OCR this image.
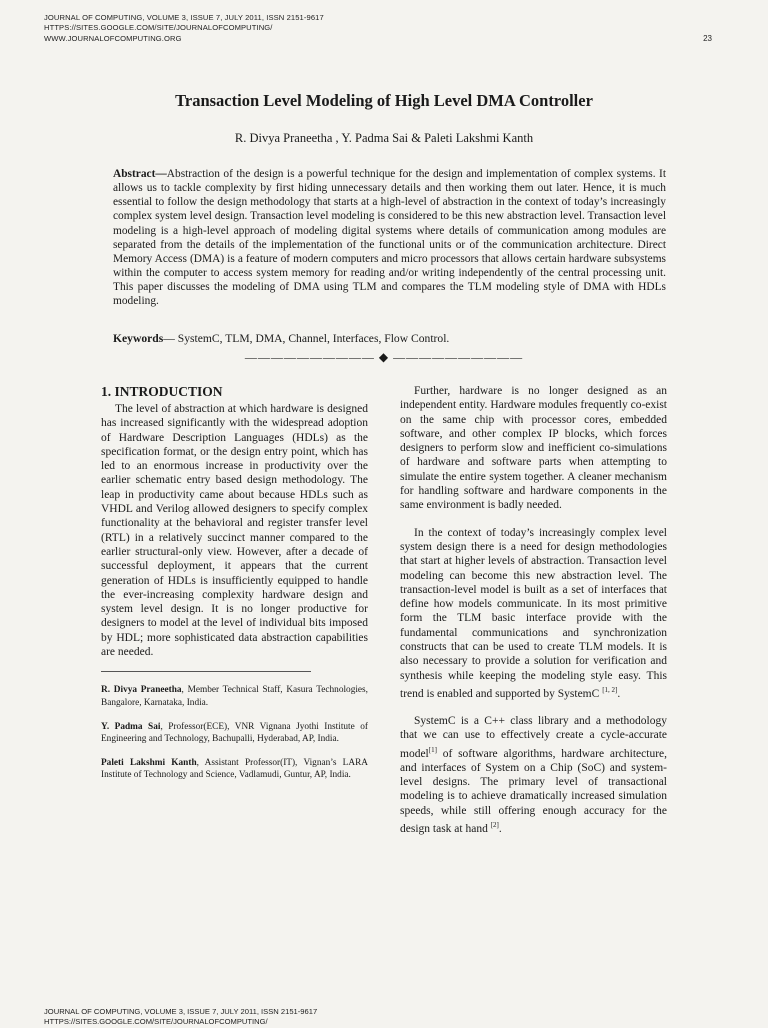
JOURNAL OF COMPUTING, VOLUME 3, ISSUE 7, JULY 2011, ISSN 2151-9617
HTTPS://SITES.GOOGLE.COM/SITE/JOURNALOFCOMPUTING/
WWW.JOURNALOFCOMPUTING.ORG	23
Transaction Level Modeling of High Level DMA Controller
R. Divya Praneetha , Y. Padma Sai & Paleti Lakshmi Kanth
Abstract—Abstraction of the design is a powerful technique for the design and implementation of complex systems. It allows us to tackle complexity by first hiding unnecessary details and then working them out later. Hence, it is much essential to follow the design methodology that starts at a high-level of abstraction in the context of today’s increasingly complex system level design. Transaction level modeling is considered to be this new abstraction level. Transaction level modeling is a high-level approach of modeling digital systems where details of communication among modules are separated from the details of the implementation of the functional units or of the communication architecture. Direct Memory Access (DMA) is a feature of modern computers and micro processors that allows certain hardware subsystems within the computer to access system memory for reading and/or writing independently of the central processing unit. This paper discusses the modeling of DMA using TLM and compares the TLM modeling style of DMA with HDLs modeling.
Keywords— SystemC, TLM, DMA, Channel, Interfaces, Flow Control.
—————————— ◆ ——————————
1. INTRODUCTION

The level of abstraction at which hardware is designed has increased significantly with the widespread adoption of Hardware Description Languages (HDLs) as the specification format, or the design entry point, which has led to an enormous increase in productivity over the earlier schematic entry based design methodology. The leap in productivity came about because HDLs such as VHDL and Verilog allowed designers to specify complex functionality at the behavioral and register transfer level (RTL) in a relatively succinct manner compared to the earlier structural-only view. However, after a decade of successful deployment, it appears that the current generation of HDLs is insufficiently equipped to handle the ever-increasing complexity hardware design and system level design. It is no longer productive for designers to model at the level of individual bits imposed by HDL; more sophisticated data abstraction capabilities are needed.

R. Divya Praneetha, Member Technical Staff, Kasura Technologies, Bangalore, Karnataka, India.
Y. Padma Sai, Professor(ECE), VNR Vignana Jyothi Institute of Engineering and Technology, Bachupalli, Hyderabad, AP, India.
Paleti Lakshmi Kanth, Assistant Professor(IT), Vignan’s LARA Institute of Technology and Science, Vadlamudi, Guntur, AP, India.

Further, hardware is no longer designed as an independent entity. Hardware modules frequently co-exist on the same chip with processor cores, embedded software, and other complex IP blocks, which forces designers to perform slow and inefficient co-simulations of hardware and software parts when attempting to simulate the entire system together. A cleaner mechanism for handling software and hardware components in the same environment is badly needed.

In the context of today’s increasingly complex level system design there is a need for design methodologies that start at higher levels of abstraction. Transaction level modeling can become this new abstraction level. The transaction-level model is built as a set of interfaces that define how models communicate. In its most primitive form the TLM basic interface provide with the fundamental communications and synchronization constructs that can be used to create TLM models. It is also necessary to provide a solution for verification and synthesis while keeping the modeling style easy. This trend is enabled and supported by SystemC [1, 2].

SystemC is a C++ class library and a methodology that we can use to effectively create a cycle-accurate model[1] of software algorithms, hardware architecture, and interfaces of System on a Chip (SoC) and system-level designs. The primary level of transactional modeling is to achieve dramatically increased simulation speeds, while still offering enough accuracy for the design task at hand [2].

JOURNAL OF COMPUTING, VOLUME 3, ISSUE 7, JULY 2011, ISSN 2151-9617
HTTPS://SITES.GOOGLE.COM/SITE/JOURNALOFCOMPUTING/
